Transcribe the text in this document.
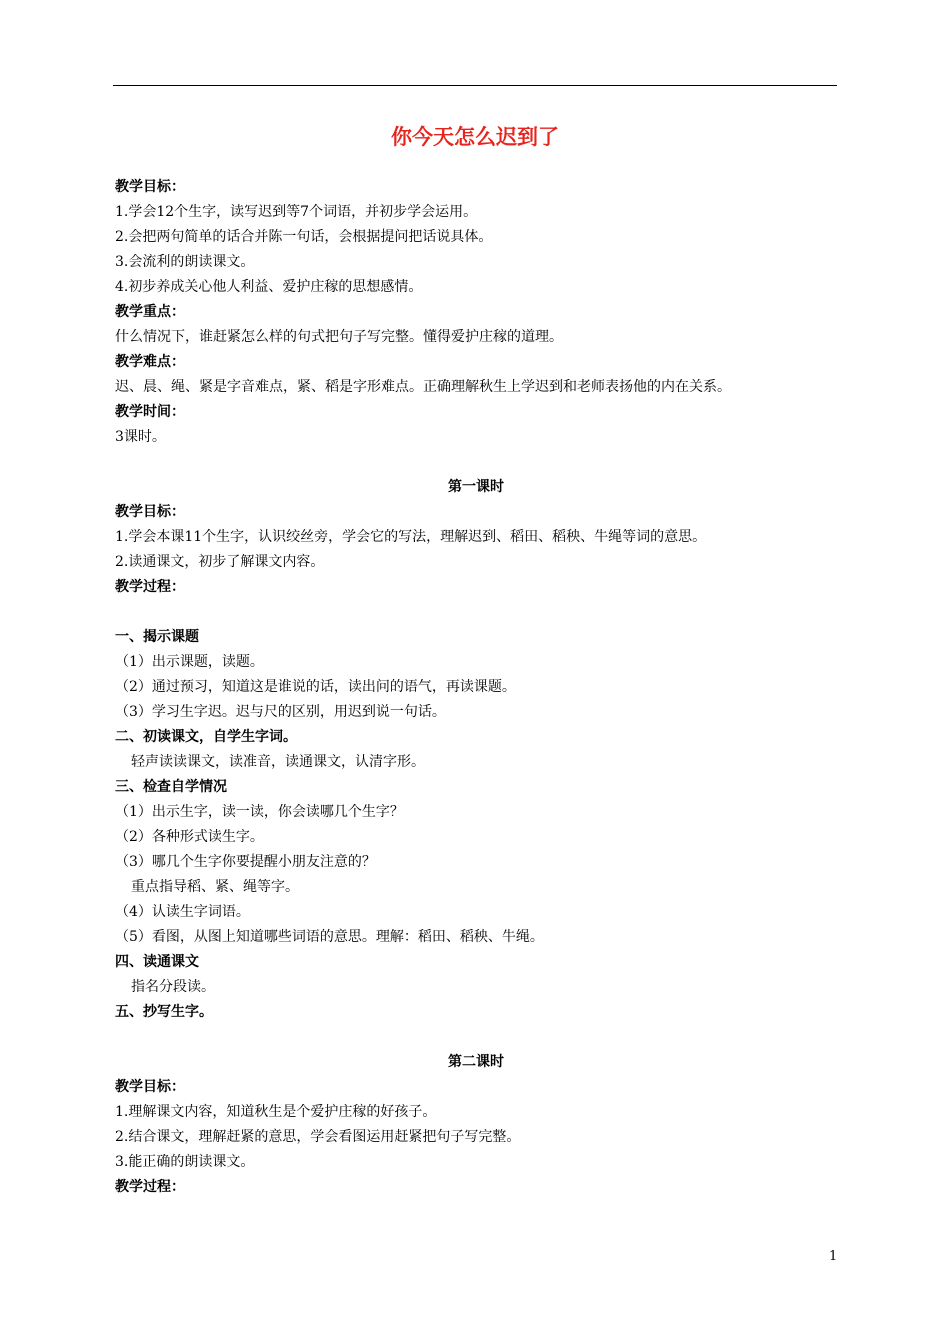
你今天怎么迟到了
教学目标：
1.学会12个生字，读写迟到等7个词语，并初步学会运用。
2.会把两句简单的话合并陈一句话，会根据提问把话说具体。
3.会流利的朗读课文。
4.初步养成关心他人利益、爱护庄稼的思想感情。
教学重点：
什么情况下，谁赶紧怎么样的句式把句子写完整。懂得爱护庄稼的道理。
教学难点：
迟、晨、绳、紧是字音难点，紧、稻是字形难点。正确理解秋生上学迟到和老师表扬他的内在关系。
教学时间：
3课时。
第一课时
教学目标：
1.学会本课11个生字，认识绞丝旁，学会它的写法，理解迟到、稻田、稻秧、牛绳等词的意思。
2.读通课文，初步了解课文内容。
教学过程：
一、揭示课题
（1）出示课题，读题。
（2）通过预习，知道这是谁说的话，读出问的语气，再读课题。
（3）学习生字迟。迟与尺的区别，用迟到说一句话。
二、初读课文，自学生字词。
轻声读读课文，读准音，读通课文，认清字形。
三、检查自学情况
（1）出示生字，读一读，你会读哪几个生字？
（2）各种形式读生字。
（3）哪几个生字你要提醒小朋友注意的？
重点指导稻、紧、绳等字。
（4）认读生字词语。
（5）看图，从图上知道哪些词语的意思。理解：稻田、稻秧、牛绳。
四、读通课文
指名分段读。
五、抄写生字。
第二课时
教学目标：
1.理解课文内容，知道秋生是个爱护庄稼的好孩子。
2.结合课文，理解赶紧的意思，学会看图运用赶紧把句子写完整。
3.能正确的朗读课文。
教学过程：
1
